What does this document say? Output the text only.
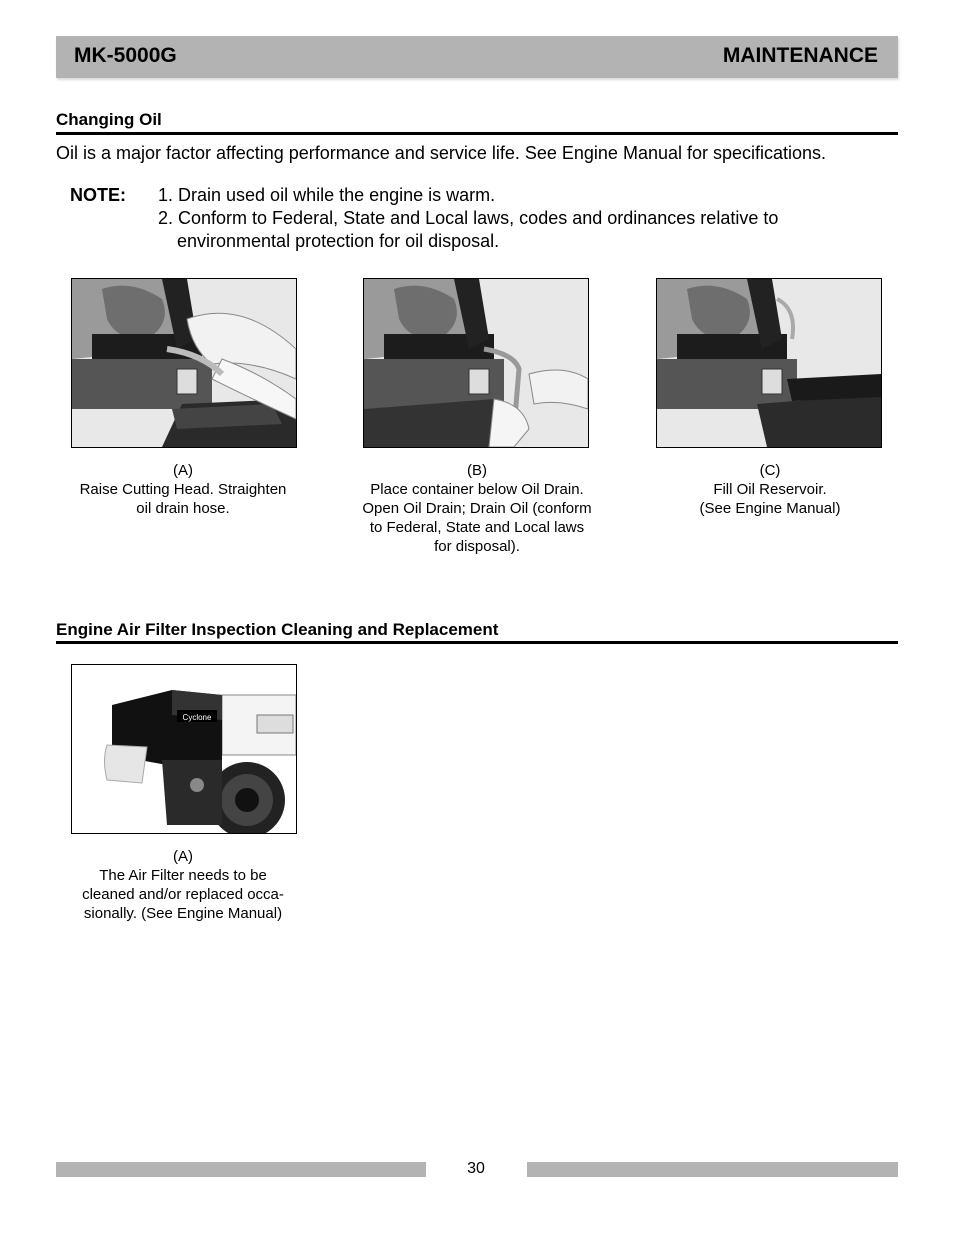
MK-5000G	MAINTENANCE
Changing Oil
Oil is a major factor affecting performance and service life. See Engine Manual for specifications.
NOTE: 1. Drain used oil while the engine is warm.
2. Conform to Federal, State and Local laws, codes and ordinances relative to
environmental protection for oil disposal.
(A)
Raise Cutting Head. Straighten
oil drain hose.
(B)
Place container below Oil Drain.
Open Oil Drain; Drain Oil (conform
to Federal, State and Local laws
for disposal).
(C)
Fill Oil Reservoir.
(See Engine Manual)
Engine Air Filter Inspection Cleaning and Replacement
Cyclone
(A)
The Air Filter needs to be
cleaned and/or replaced occa-
sionally. (See Engine Manual)
30
